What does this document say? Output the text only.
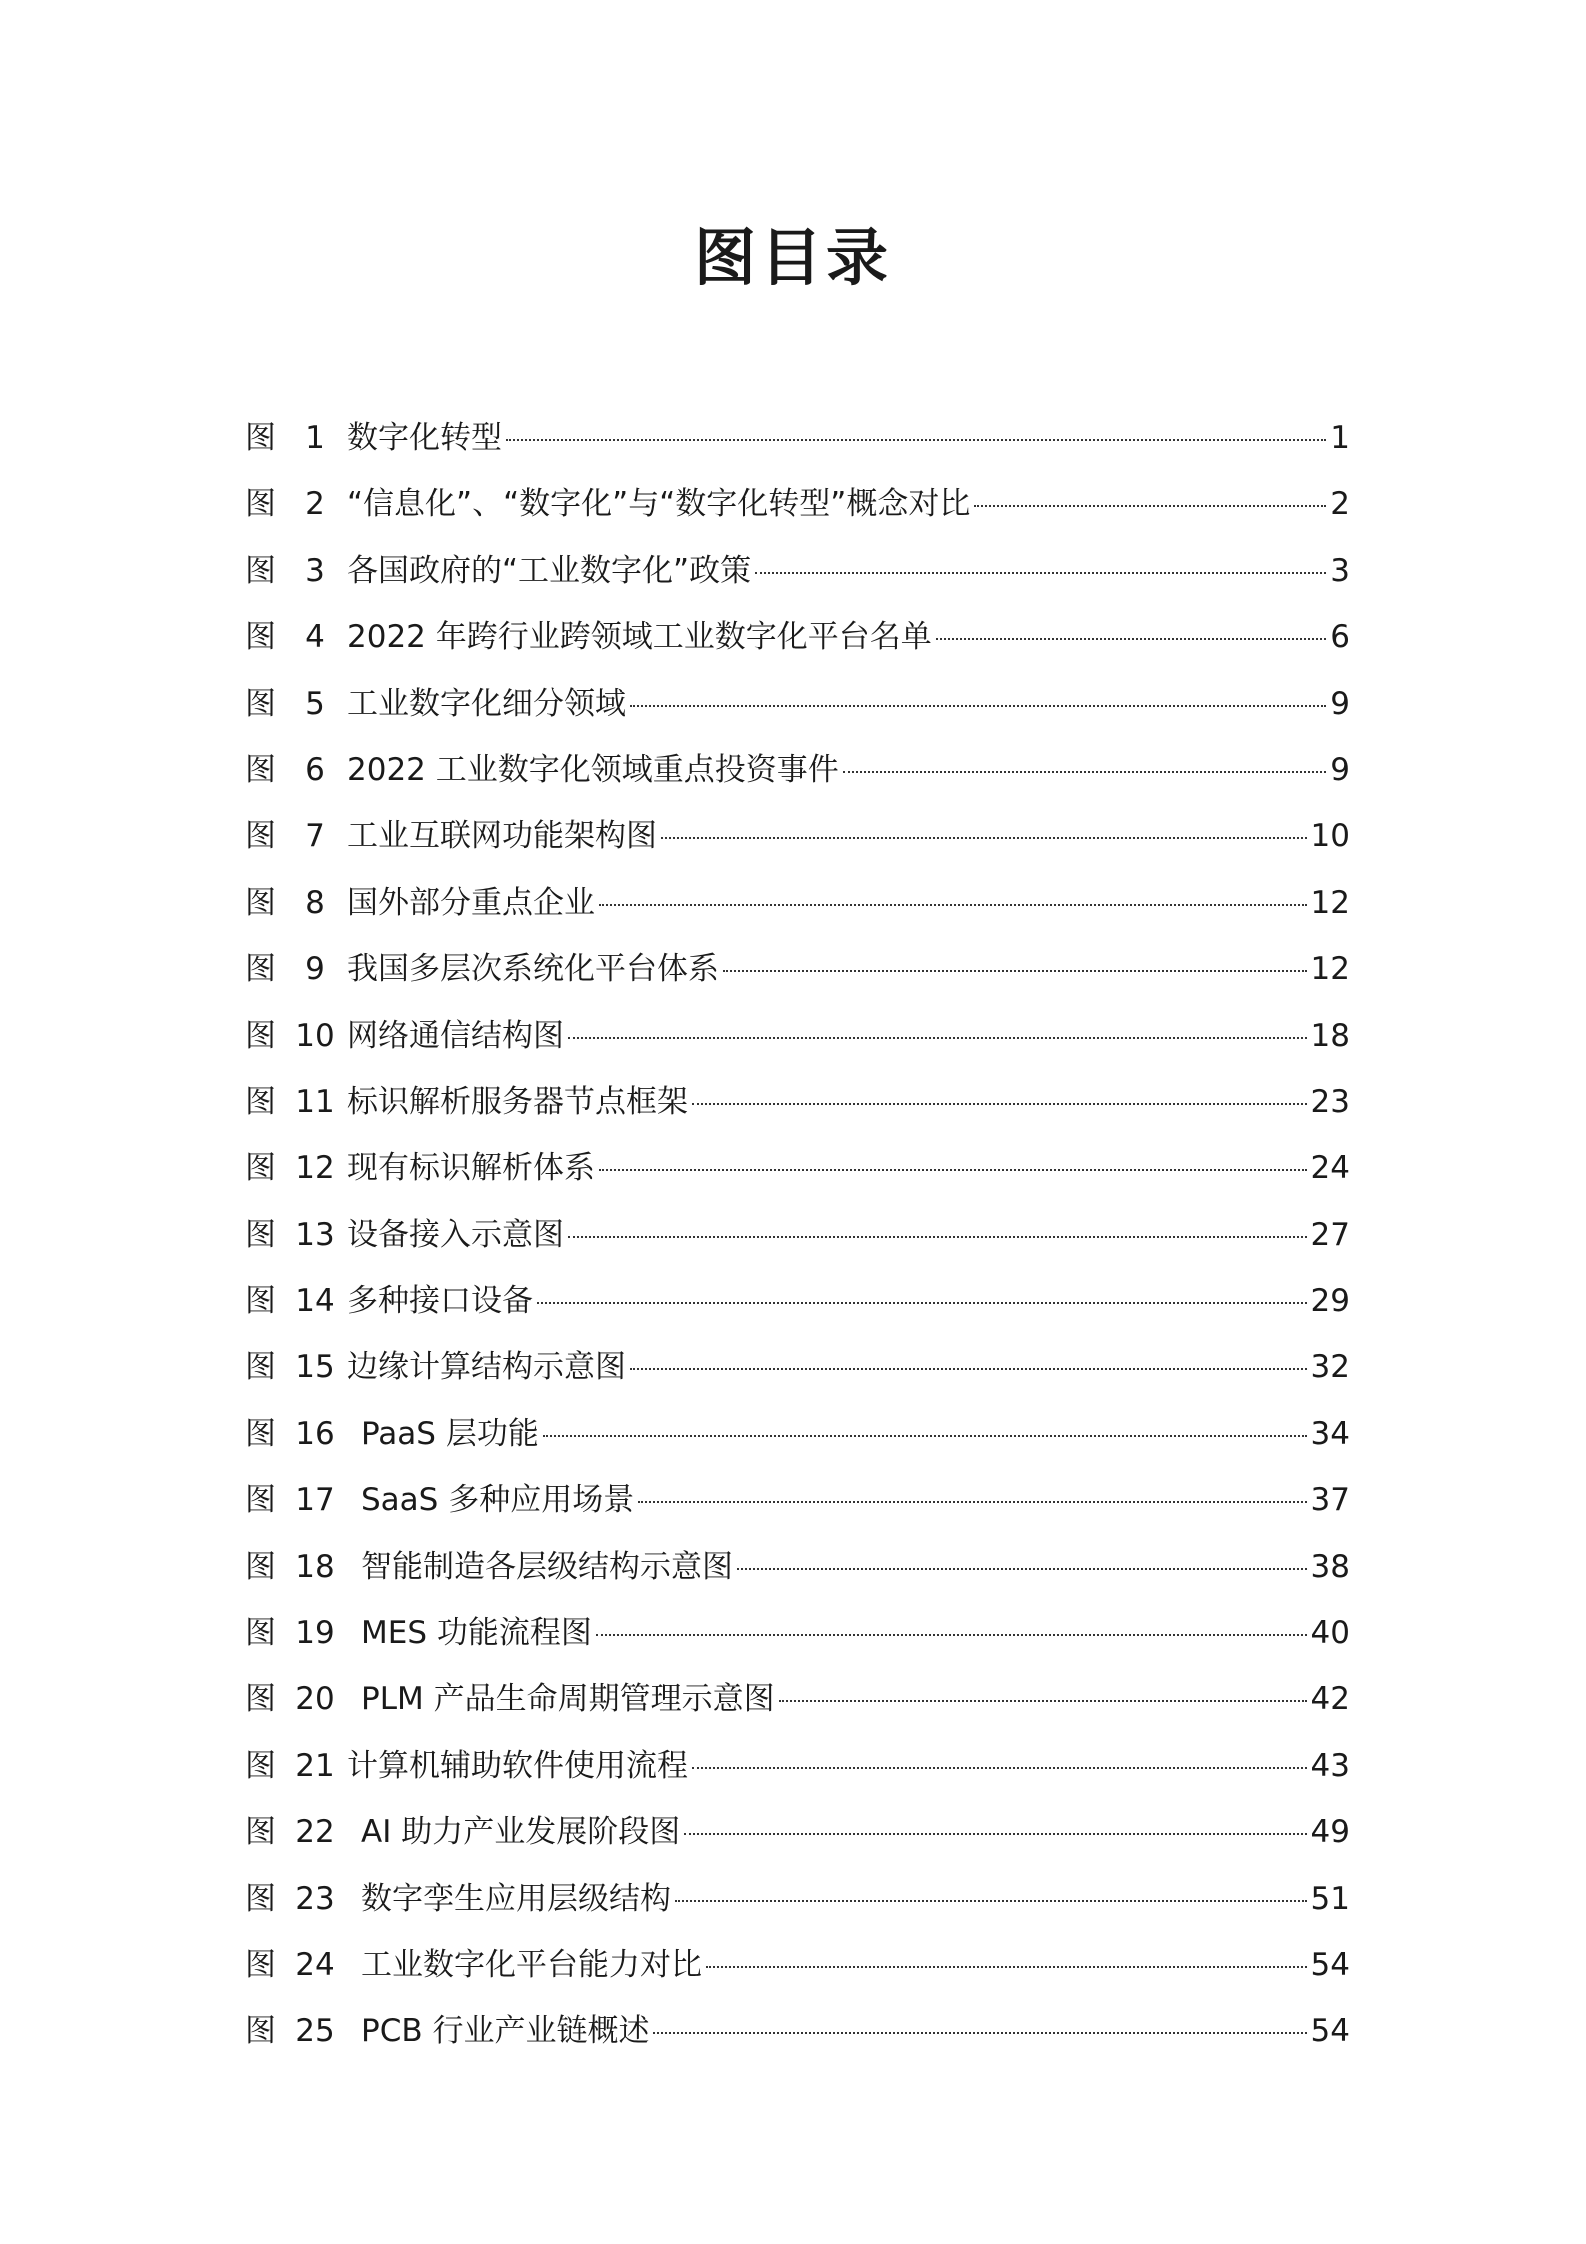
图目录
图 1 数字化转型	1
图 2 “信息化”、“数字化”与“数字化转型”概念对比	2
图 3 各国政府的“工业数字化”政策	3
图 4 2022 年跨行业跨领域工业数字化平台名单	6
图 5 工业数字化细分领域	9
图 6 2022 工业数字化领域重点投资事件	9
图 7 工业互联网功能架构图	10
图 8 国外部分重点企业	12
图 9 我国多层次系统化平台体系	12
图 10 网络通信结构图	18
图 11 标识解析服务器节点框架	23
图 12 现有标识解析体系	24
图 13 设备接入示意图	27
图 14 多种接口设备	29
图 15 边缘计算结构示意图	32
图 16 PaaS 层功能	34
图 17 SaaS 多种应用场景	37
图 18 智能制造各层级结构示意图	38
图 19 MES 功能流程图	40
图 20 PLM 产品生命周期管理示意图	42
图 21 计算机辅助软件使用流程	43
图 22 AI 助力产业发展阶段图	49
图 23 数字孪生应用层级结构	51
图 24 工业数字化平台能力对比	54
图 25 PCB 行业产业链概述	54
